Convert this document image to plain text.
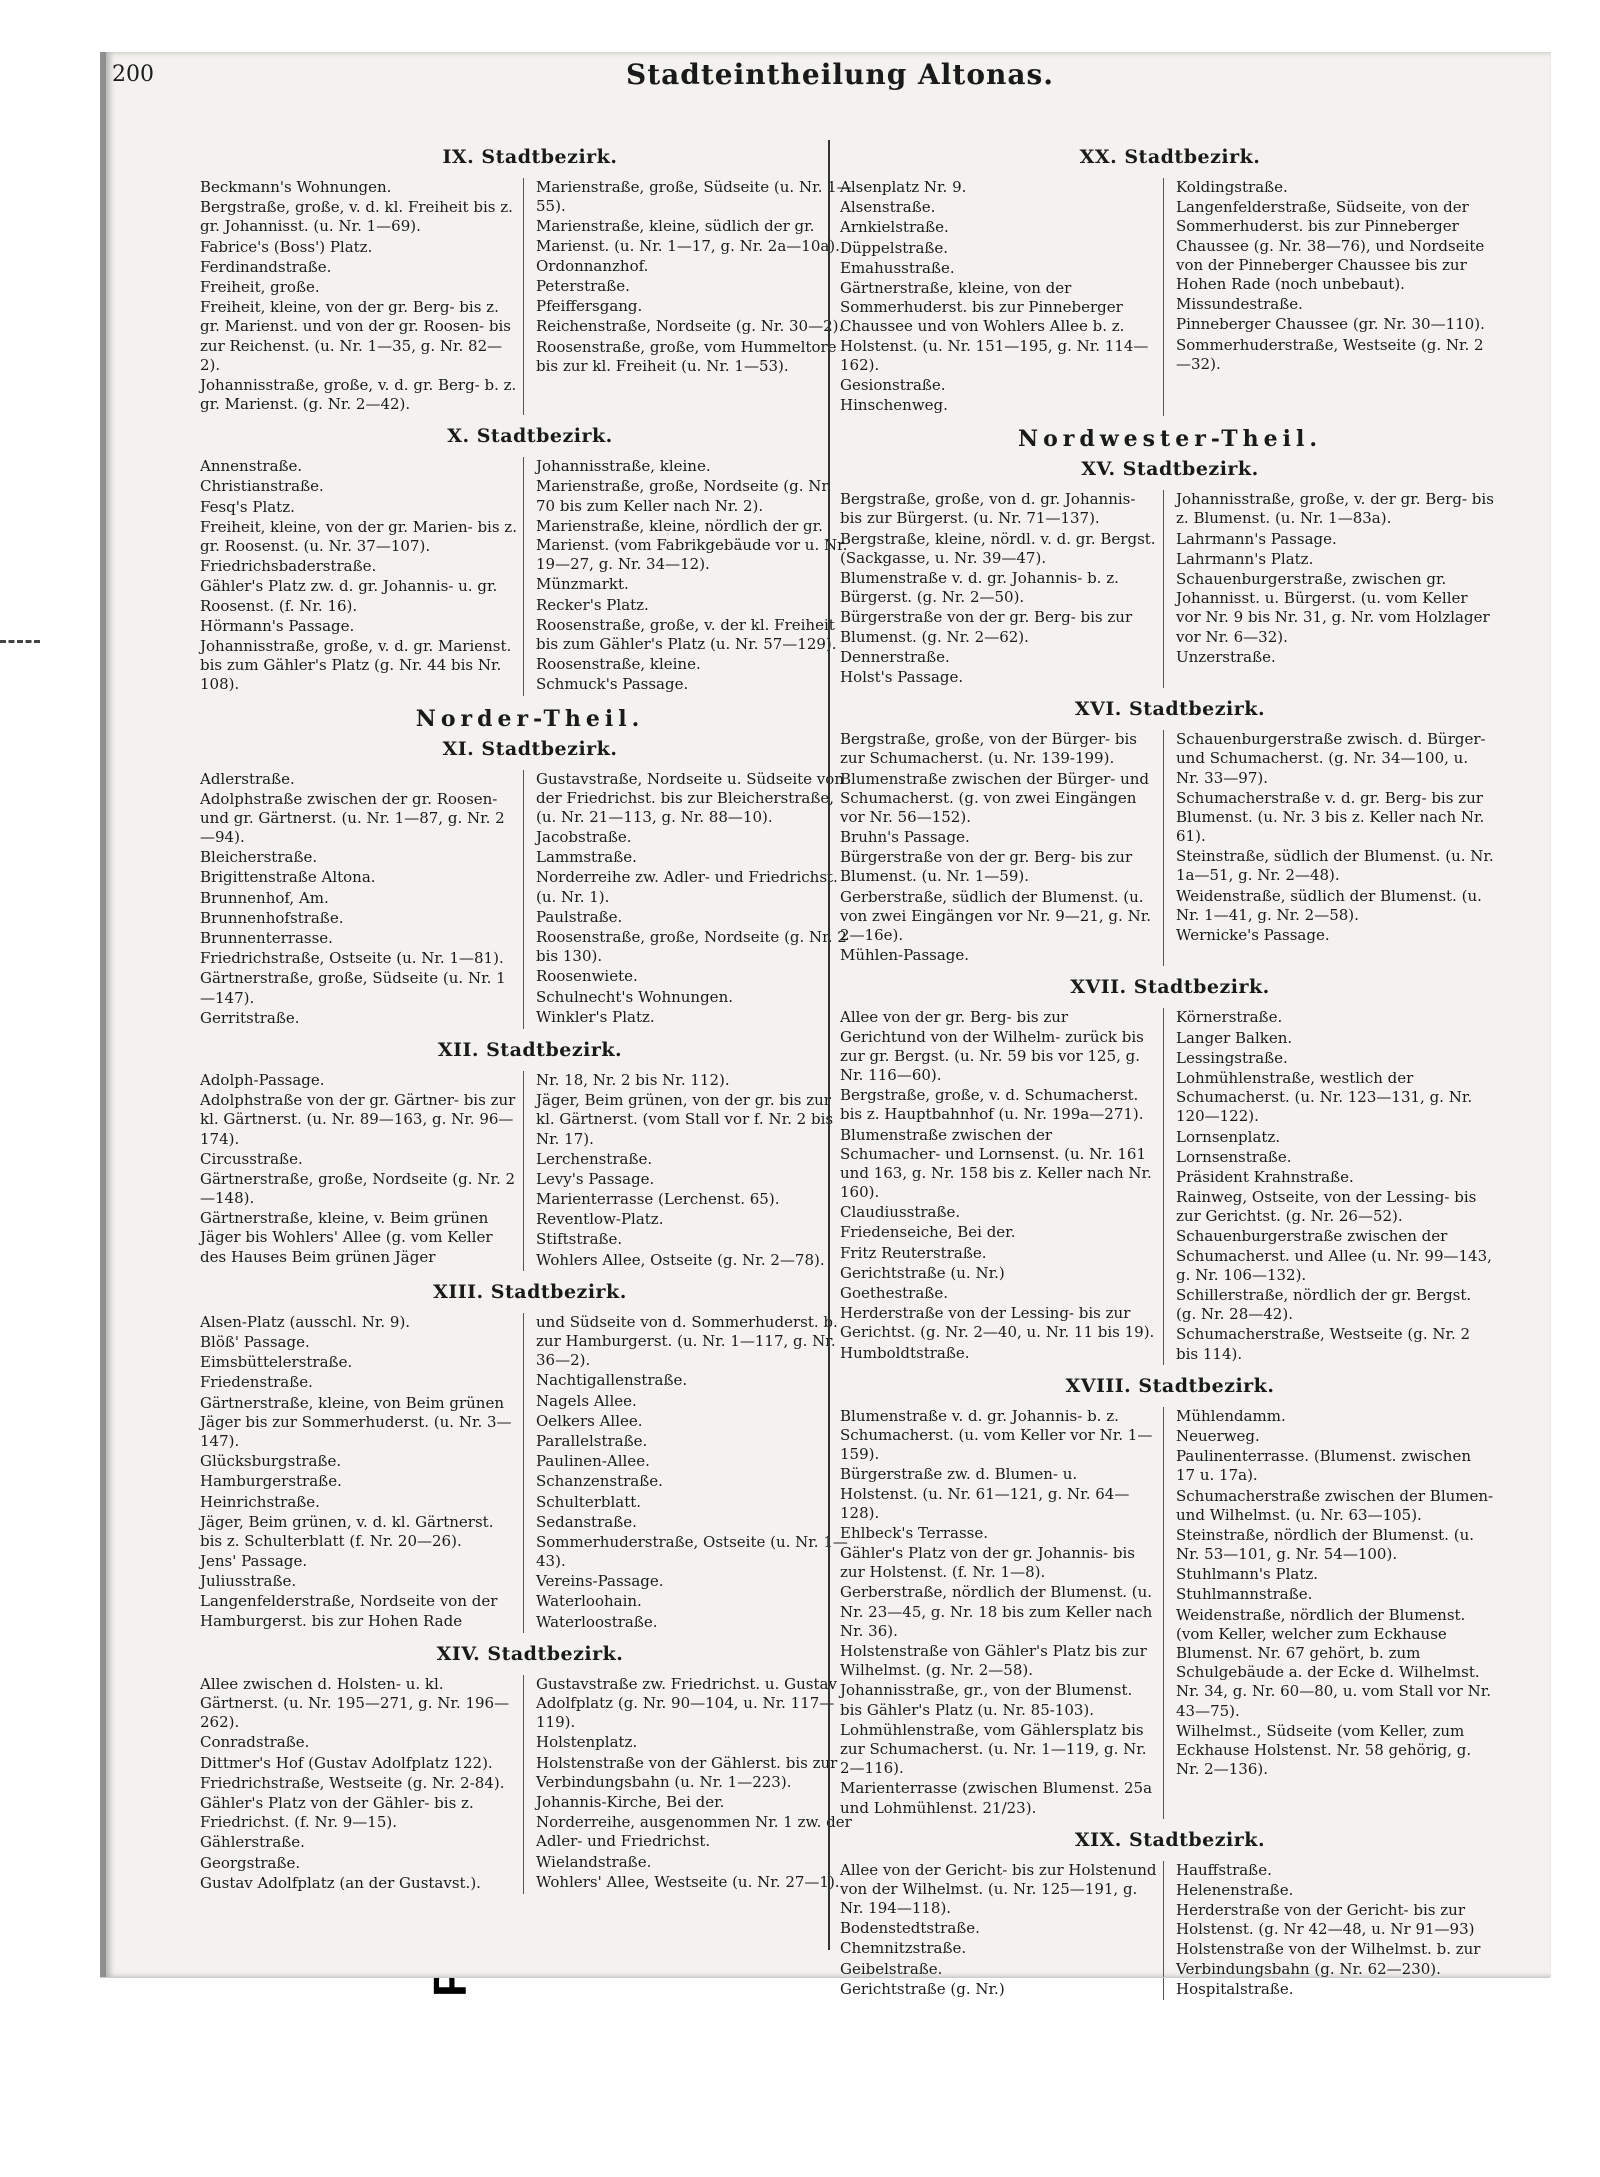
200	Stadteintheilung Altonas.
IX. Stadtbezirk.
Beckmann's Wohnungen.
Bergstraße, große, v. d. kl. Freiheit bis z. gr. Johannisst. (u. Nr. 1—69).
Fabrice's (Boss') Platz.
Ferdinandstraße.
Freiheit, große.
Freiheit, kleine, von der gr. Berg- bis z. gr. Marienst. und von der gr. Roosen- bis zur Reichenst. (u. Nr. 1—35, g. Nr. 82—2).
Johannisstraße, große, v. d. gr. Berg- b. z. gr. Marienst. (g. Nr. 2—42).
Marienstraße, große, Südseite (u. Nr. 1—55).
Marienstraße, kleine, südlich der gr. Marienst. (u. Nr. 1—17, g. Nr. 2a—10a).
Ordonnanzhof.
Peterstraße.
Pfeiffersgang.
Reichenstraße, Nordseite (g. Nr. 30—2).
Roosenstraße, große, vom Hummeltore bis zur kl. Freiheit (u. Nr. 1—53).
X. Stadtbezirk.
Annenstraße.
Christianstraße.
Fesq's Platz.
Freiheit, kleine, von der gr. Marien- bis z. gr. Roosenst. (u. Nr. 37—107).
Friedrichsbaderstraße.
Gähler's Platz zw. d. gr. Johannis- u. gr. Roosenst. (f. Nr. 16).
Hörmann's Passage.
Johannisstraße, große, v. d. gr. Marienst. bis zum Gähler's Platz (g. Nr. 44 bis Nr. 108).
Johannisstraße, kleine.
Marienstraße, große, Nordseite (g. Nr. 70 bis zum Keller nach Nr. 2).
Marienstraße, kleine, nördlich der gr. Marienst. (vom Fabrikgebäude vor u. Nr. 19—27, g. Nr. 34—12).
Münzmarkt.
Recker's Platz.
Roosenstraße, große, v. der kl. Freiheit bis zum Gähler's Platz (u. Nr. 57—129).
Roosenstraße, kleine.
Schmuck's Passage.
Norder-Theil.
XI. Stadtbezirk.
Adlerstraße.
Adolphstraße zwischen der gr. Roosen- und gr. Gärtnerst. (u. Nr. 1—87, g. Nr. 2—94).
Bleicherstraße.
Brigittenstraße Altona.
Brunnenhof, Am.
Brunnenhofstraße.
Brunnenterrasse.
Friedrichstraße, Ostseite (u. Nr. 1—81).
Gärtnerstraße, große, Südseite (u. Nr. 1—147).
Gerritstraße.
Gustavstraße, Nordseite u. Südseite von der Friedrichst. bis zur Bleicherstraße, (u. Nr. 21—113, g. Nr. 88—10).
Jacobstraße.
Lammstraße.
Norderreihe zw. Adler- und Friedrichst. (u. Nr. 1).
Paulstraße.
Roosenstraße, große, Nordseite (g. Nr. 2 bis 130).
Roosenwiete.
Schulnecht's Wohnungen.
Winkler's Platz.
XII. Stadtbezirk.
Adolph-Passage.
Adolphstraße von der gr. Gärtner- bis zur kl. Gärtnerst. (u. Nr. 89—163, g. Nr. 96—174).
Circusstraße.
Gärtnerstraße, große, Nordseite (g. Nr. 2—148).
Gärtnerstraße, kleine, v. Beim grünen Jäger bis Wohlers' Allee (g. vom Keller des Hauses Beim grünen Jäger
Nr. 18, Nr. 2 bis Nr. 112).
Jäger, Beim grünen, von der gr. bis zur kl. Gärtnerst. (vom Stall vor f. Nr. 2 bis Nr. 17).
Lerchenstraße.
Levy's Passage.
Marienterrasse (Lerchenst. 65).
Reventlow-Platz.
Stiftstraße.
Wohlers Allee, Ostseite (g. Nr. 2—78).
XIII. Stadtbezirk.
Alsen-Platz (ausschl. Nr. 9).
Blöß' Passage.
Eimsbüttelerstraße.
Friedenstraße.
Gärtnerstraße, kleine, von Beim grünen Jäger bis zur Sommerhuderst. (u. Nr. 3—147).
Glücksburgstraße.
Hamburgerstraße.
Heinrichstraße.
Jäger, Beim grünen, v. d. kl. Gärtnerst. bis z. Schulterblatt (f. Nr. 20—26).
Jens' Passage.
Juliusstraße.
Langenfelderstraße, Nordseite von der Hamburgerst. bis zur Hohen Rade
und Südseite von d. Sommerhuderst. b. zur Hamburgerst. (u. Nr. 1—117, g. Nr. 36—2).
Nachtigallenstraße.
Nagels Allee.
Oelkers Allee.
Parallelstraße.
Paulinen-Allee.
Schanzenstraße.
Schulterblatt.
Sedanstraße.
Sommerhuderstraße, Ostseite (u. Nr. 1—43).
Vereins-Passage.
Waterloohain.
Waterloostraße.
XIV. Stadtbezirk.
Allee zwischen d. Holsten- u. kl. Gärtnerst. (u. Nr. 195—271, g. Nr. 196—262).
Conradstraße.
Dittmer's Hof (Gustav Adolfplatz 122).
Friedrichstraße, Westseite (g. Nr. 2-84).
Gähler's Platz von der Gähler- bis z. Friedrichst. (f. Nr. 9—15).
Gählerstraße.
Georgstraße.
Gustav Adolfplatz (an der Gustavst.).
Gustavstraße zw. Friedrichst. u. Gustav Adolfplatz (g. Nr. 90—104, u. Nr. 117—119).
Holstenplatz.
Holstenstraße von der Gählerst. bis zur Verbindungsbahn (u. Nr. 1—223).
Johannis-Kirche, Bei der.
Norderreihe, ausgenommen Nr. 1 zw. der Adler- und Friedrichst.
Wielandstraße.
Wohlers' Allee, Westseite (u. Nr. 27—1).
XX. Stadtbezirk.
Alsenplatz Nr. 9.
Alsenstraße.
Arnkielstraße.
Düppelstraße.
Emahusstraße.
Gärtnerstraße, kleine, von der Sommerhuderst. bis zur Pinneberger Chaussee und von Wohlers Allee b. z. Holstenst. (u. Nr. 151—195, g. Nr. 114—162).
Gesionstraße.
Hinschenweg.
Koldingstraße.
Langenfelderstraße, Südseite, von der Sommerhuderst. bis zur Pinneberger Chaussee (g. Nr. 38—76), und Nordseite von der Pinneberger Chaussee bis zur Hohen Rade (noch unbebaut).
Missundestraße.
Pinneberger Chaussee (gr. Nr. 30—110).
Sommerhuderstraße, Westseite (g. Nr. 2—32).
Nordwester-Theil.
XV. Stadtbezirk.
Bergstraße, große, von d. gr. Johannis- bis zur Bürgerst. (u. Nr. 71—137).
Bergstraße, kleine, nördl. v. d. gr. Bergst. (Sackgasse, u. Nr. 39—47).
Blumenstraße v. d. gr. Johannis- b. z. Bürgerst. (g. Nr. 2—50).
Bürgerstraße von der gr. Berg- bis zur Blumenst. (g. Nr. 2—62).
Dennerstraße.
Holst's Passage.
Johannisstraße, große, v. der gr. Berg- bis z. Blumenst. (u. Nr. 1—83a).
Lahrmann's Passage.
Lahrmann's Platz.
Schauenburgerstraße, zwischen gr. Johannisst. u. Bürgerst. (u. vom Keller vor Nr. 9 bis Nr. 31, g. Nr. vom Holzlager vor Nr. 6—32).
Unzerstraße.
XVI. Stadtbezirk.
Bergstraße, große, von der Bürger- bis zur Schumacherst. (u. Nr. 139-199).
Blumenstraße zwischen der Bürger- und Schumacherst. (g. von zwei Eingängen vor Nr. 56—152).
Bruhn's Passage.
Bürgerstraße von der gr. Berg- bis zur Blumenst. (u. Nr. 1—59).
Gerberstraße, südlich der Blumenst. (u. von zwei Eingängen vor Nr. 9—21, g. Nr. 2—16e).
Mühlen-Passage.
Schauenburgerstraße zwisch. d. Bürger- und Schumacherst. (g. Nr. 34—100, u. Nr. 33—97).
Schumacherstraße v. d. gr. Berg- bis zur Blumenst. (u. Nr. 3 bis z. Keller nach Nr. 61).
Steinstraße, südlich der Blumenst. (u. Nr. 1a—51, g. Nr. 2—48).
Weidenstraße, südlich der Blumenst. (u. Nr. 1—41, g. Nr. 2—58).
Wernicke's Passage.
XVII. Stadtbezirk.
Allee von der gr. Berg- bis zur Gerichtund von der Wilhelm- zurück bis zur gr. Bergst. (u. Nr. 59 bis vor 125, g. Nr. 116—60).
Bergstraße, große, v. d. Schumacherst. bis z. Hauptbahnhof (u. Nr. 199a—271).
Blumenstraße zwischen der Schumacher- und Lornsenst. (u. Nr. 161 und 163, g. Nr. 158 bis z. Keller nach Nr. 160).
Claudiusstraße.
Friedenseiche, Bei der.
Fritz Reuterstraße.
Gerichtstraße (u. Nr.)
Goethestraße.
Herderstraße von der Lessing- bis zur Gerichtst. (g. Nr. 2—40, u. Nr. 11 bis 19).
Humboldtstraße.
Körnerstraße.
Langer Balken.
Lessingstraße.
Lohmühlenstraße, westlich der Schumacherst. (u. Nr. 123—131, g. Nr. 120—122).
Lornsenplatz.
Lornsenstraße.
Präsident Krahnstraße.
Rainweg, Ostseite, von der Lessing- bis zur Gerichtst. (g. Nr. 26—52).
Schauenburgerstraße zwischen der Schumacherst. und Allee (u. Nr. 99—143, g. Nr. 106—132).
Schillerstraße, nördlich der gr. Bergst. (g. Nr. 28—42).
Schumacherstraße, Westseite (g. Nr. 2 bis 114).
XVIII. Stadtbezirk.
Blumenstraße v. d. gr. Johannis- b. z. Schumacherst. (u. vom Keller vor Nr. 1—159).
Bürgerstraße zw. d. Blumen- u. Holstenst. (u. Nr. 61—121, g. Nr. 64—128).
Ehlbeck's Terrasse.
Gähler's Platz von der gr. Johannis- bis zur Holstenst. (f. Nr. 1—8).
Gerberstraße, nördlich der Blumenst. (u. Nr. 23—45, g. Nr. 18 bis zum Keller nach Nr. 36).
Holstenstraße von Gähler's Platz bis zur Wilhelmst. (g. Nr. 2—58).
Johannisstraße, gr., von der Blumenst. bis Gähler's Platz (u. Nr. 85-103).
Lohmühlenstraße, vom Gählersplatz bis zur Schumacherst. (u. Nr. 1—119, g. Nr. 2—116).
Marienterrasse (zwischen Blumenst. 25a und Lohmühlenst. 21/23).
Mühlendamm.
Neuerweg.
Paulinenterrasse. (Blumenst. zwischen 17 u. 17a).
Schumacherstraße zwischen der Blumen- und Wilhelmst. (u. Nr. 63—105).
Steinstraße, nördlich der Blumenst. (u. Nr. 53—101, g. Nr. 54—100).
Stuhlmann's Platz.
Stuhlmannstraße.
Weidenstraße, nördlich der Blumenst. (vom Keller, welcher zum Eckhause Blumenst. Nr. 67 gehört, b. zum Schulgebäude a. der Ecke d. Wilhelmst. Nr. 34, g. Nr. 60—80, u. vom Stall vor Nr. 43—75).
Wilhelmst., Südseite (vom Keller, zum Eckhause Holstenst. Nr. 58 gehörig, g. Nr. 2—136).
XIX. Stadtbezirk.
Allee von der Gericht- bis zur Holstenund von der Wilhelmst. (u. Nr. 125—191, g. Nr. 194—118).
Bodenstedtstraße.
Chemnitzstraße.
Geibelstraße.
Gerichtstraße (g. Nr.)
Hauffstraße.
Helenenstraße.
Herderstraße von der Gericht- bis zur Holstenst. (g. Nr 42—48, u. Nr 91—93)
Holstenstraße von der Wilhelmst. b. zur Verbindungsbahn (g. Nr. 62—230).
Hospitalstraße.
